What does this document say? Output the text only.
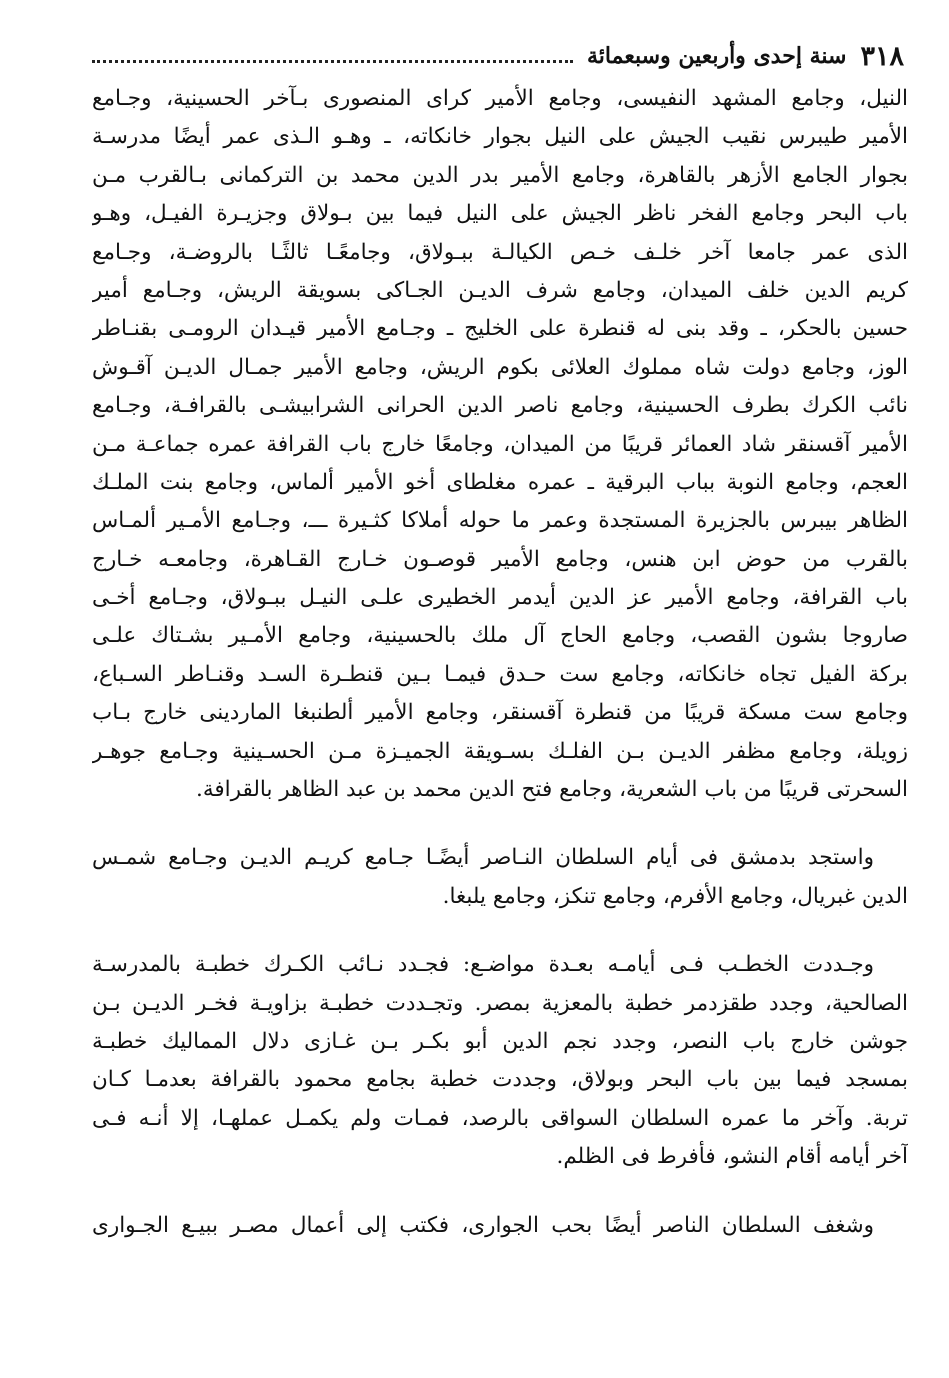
٣١٨
سنة إحدى وأربعين وسبعمائة
النيل، وجامع المشهد النفيسى، وجامع الأمير كراى المنصورى بـآخر الحسينية، وجـامع
الأمير طيبرس نقيب الجيش على النيل بجوار خانكاته، ـ وهـو الـذى عمر أيضًا مدرسـة
بجوار الجامع الأزهر بالقاهرة، وجامع الأمير بدر الدين محمد بن التركمانى بـالقرب مـن
باب البحر وجامع الفخر ناظر الجيش على النيل فيما بين بـولاق وجزيـرة الفيـل، وهـو
الذى عمر جامعا آخر خلـف خـص الكيالـة ببـولاق، وجامعًـا ثالثًـا بالروضـة، وجـامع
كريم الدين خلف الميدان، وجامع شرف الديـن الجـاكى بسويقة الريش، وجـامع أمير
حسين بالحكر، ـ وقد بنى له قنطرة على الخليج ـ وجـامع الأمير قيـدان الرومـى بقنـاطر
الوز، وجامع دولت شاه مملوك العلائى بكوم الريش، وجامع الأمير جمـال الديـن آقـوش
نائب الكرك بطرف الحسينية، وجامع ناصر الدين الحرانى الشرابيشـى بالقرافـة، وجـامع
الأمير آقسنقر شاد العمائر قريبًا من الميدان، وجامعًا خارج باب القرافة عمره جماعـة مـن
العجم، وجامع النوبة بباب البرقية ـ عمره مغلطاى أخو الأمير ألماس، وجامع بنت الملـك
الظاهر بيبرس بالجزيرة المستجدة وعمر ما حوله أملاكا كثـيرة ـــ، وجـامع الأمـير ألمـاس
بالقرب من حوض ابن هنس، وجامع الأمير قوصـون خـارج القـاهرة، وجامعـه خـارج
باب القرافة، وجامع الأمير عز الدين أيدمر الخطيرى علـى النيـل ببـولاق، وجـامع أخـى
صاروجا بشون القصب، وجامع الحاج آل ملك بالحسينية، وجامع الأمـير بشـتاك علـى
بركة الفيل تجاه خانكاته، وجامع ست حـدق فيمـا بـين قنطـرة السـد وقنـاطر السـباع،
وجامع ست مسكة قريبًا من قنطرة آقسنقر، وجامع الأمير ألطنبغا الماردينى خارج بـاب
زويلة، وجامع مظفر الديـن بـن الفلـك بسـويقة الجميـزة مـن الحسـينية وجـامع جوهـر
السحرتى قريبًا من باب الشعرية، وجامع فتح الدين محمد بن عبد الظاهر بالقرافة.
واستجد بدمشق فى أيام السلطان النـاصر أيضًـا جـامع كريـم الديـن وجـامع شمـس
الدين غبريال، وجامع الأفرم، وجامع تنكز، وجامع يلبغا.
وجـددت الخطـب فـى أيامـه بعـدة مواضـع: فجـدد نـائب الكـرك خطبـة بالمدرسـة
الصالحية، وجدد طقزدمر خطبة بالمعزية بمصر. وتجـددت خطبـة بزاويـة فخـر الديـن بـن
جوشن خارج باب النصر، وجدد نجم الدين أبو بكـر بـن غـازى دلال المماليك خطبـة
بمسجد فيما بين باب البحر وبولاق، وجددت خطبة بجامع محمود بالقرافة بعدمـا كـان
تربة. وآخر ما عمره السلطان السواقى بالرصد، فمـات ولم يكمـل عملهـا، إلا أنـه فـى
آخر أيامه أقام النشو، فأفرط فى الظلم.
وشغف السلطان الناصر أيضًا بحب الجوارى، فكتب إلى أعمال مصـر ببيـع الجـوارى
